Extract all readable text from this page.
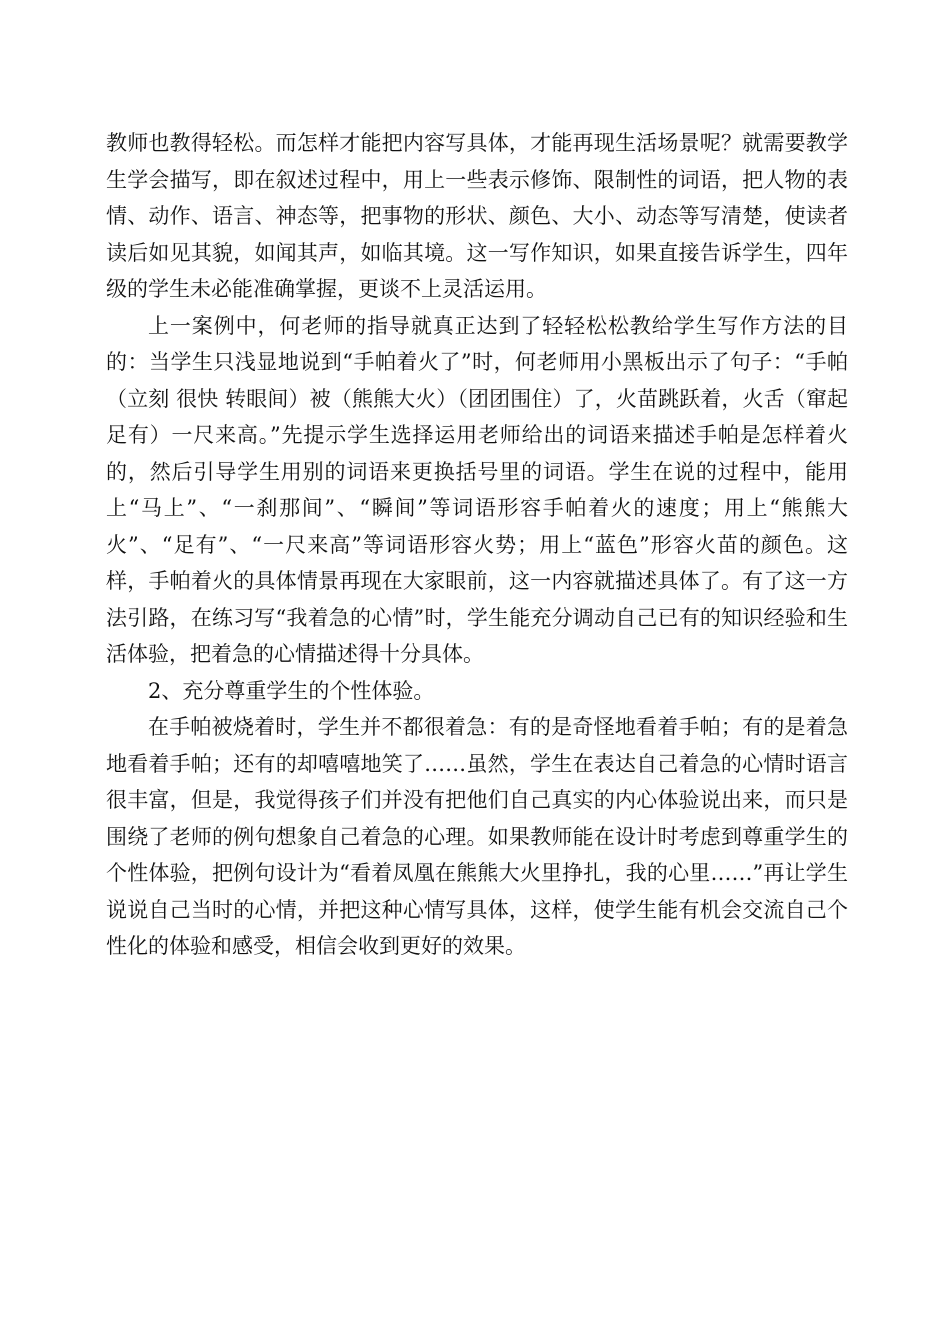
教师也教得轻松。而怎样才能把内容写具体，才能再现生活场景呢？就需要教学生学会描写，即在叙述过程中，用上一些表示修饰、限制性的词语，把人物的表情、动作、语言、神态等，把事物的形状、颜色、大小、动态等写清楚，使读者读后如见其貌，如闻其声，如临其境。这一写作知识，如果直接告诉学生，四年级的学生未必能准确掌握，更谈不上灵活运用。

上一案例中，何老师的指导就真正达到了轻轻松松教给学生写作方法的目的：当学生只浅显地说到“手帕着火了”时，何老师用小黑板出示了句子：“手帕（立刻 很快 转眼间）被（熊熊大火）（团团围住）了，火苗跳跃着，火舌（窜起 足有）一尺来高。”先提示学生选择运用老师给出的词语来描述手帕是怎样着火的，然后引导学生用别的词语来更换括号里的词语。学生在说的过程中，能用上“马上”、“一刹那间”、“瞬间”等词语形容手帕着火的速度；用上“熊熊大火”、“足有”、“一尺来高”等词语形容火势；用上“蓝色”形容火苗的颜色。这样，手帕着火的具体情景再现在大家眼前，这一内容就描述具体了。有了这一方法引路，在练习写“我着急的心情”时，学生能充分调动自己已有的知识经验和生活体验，把着急的心情描述得十分具体。

2、充分尊重学生的个性体验。

在手帕被烧着时，学生并不都很着急：有的是奇怪地看着手帕；有的是着急地看着手帕；还有的却嘻嘻地笑了……虽然，学生在表达自己着急的心情时语言很丰富，但是，我觉得孩子们并没有把他们自己真实的内心体验说出来，而只是围绕了老师的例句想象自己着急的心理。如果教师能在设计时考虑到尊重学生的个性体验，把例句设计为“看着凤凰在熊熊大火里挣扎，我的心里……”再让学生说说自己当时的心情，并把这种心情写具体，这样，使学生能有机会交流自己个性化的体验和感受，相信会收到更好的效果。
